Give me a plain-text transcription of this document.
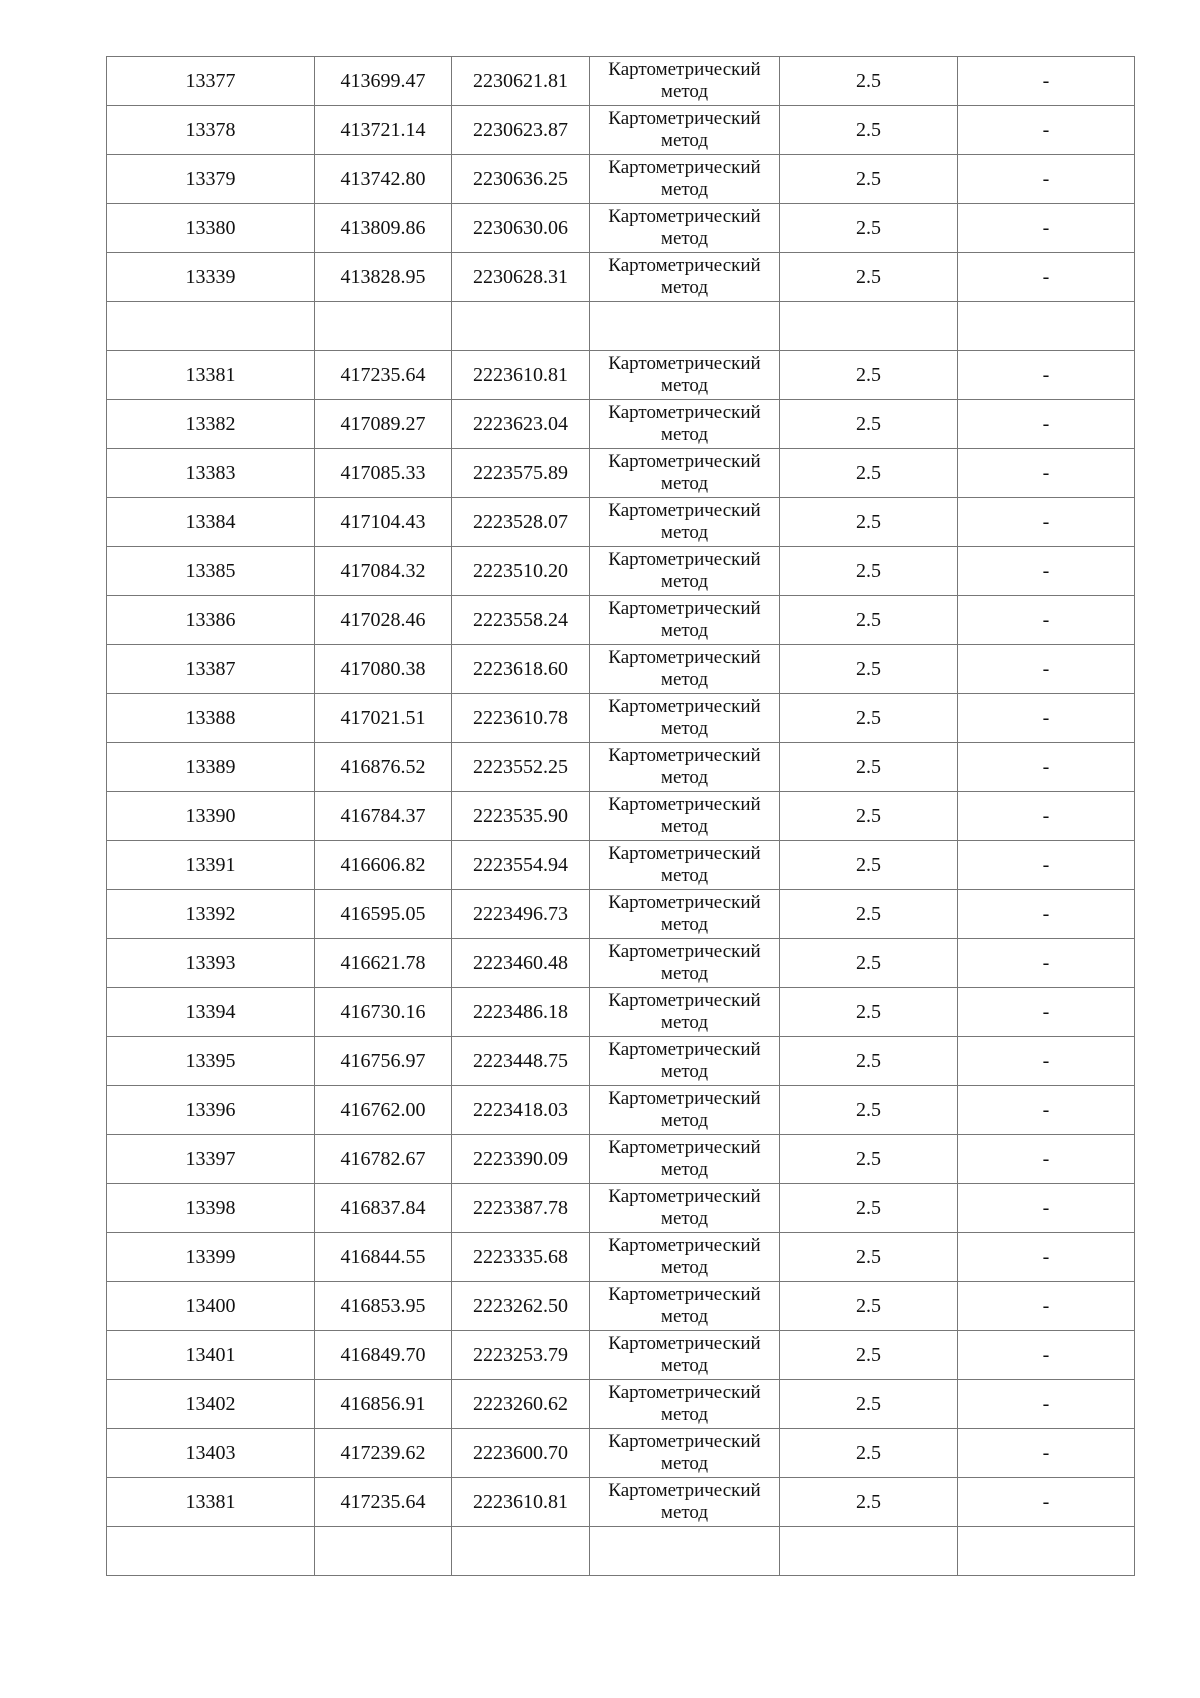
13377	413699.47	2230621.81	Картометрический
метод	2.5	-
13378	413721.14	2230623.87	Картометрический
метод	2.5	-
13379	413742.80	2230636.25	Картометрический
метод	2.5	-
13380	413809.86	2230630.06	Картометрический
метод	2.5	-
13339	413828.95	2230628.31	Картометрический
метод	2.5	-

13381	417235.64	2223610.81	Картометрический
метод	2.5	-
13382	417089.27	2223623.04	Картометрический
метод	2.5	-
13383	417085.33	2223575.89	Картометрический
метод	2.5	-
13384	417104.43	2223528.07	Картометрический
метод	2.5	-
13385	417084.32	2223510.20	Картометрический
метод	2.5	-
13386	417028.46	2223558.24	Картометрический
метод	2.5	-
13387	417080.38	2223618.60	Картометрический
метод	2.5	-
13388	417021.51	2223610.78	Картометрический
метод	2.5	-
13389	416876.52	2223552.25	Картометрический
метод	2.5	-
13390	416784.37	2223535.90	Картометрический
метод	2.5	-
13391	416606.82	2223554.94	Картометрический
метод	2.5	-
13392	416595.05	2223496.73	Картометрический
метод	2.5	-
13393	416621.78	2223460.48	Картометрический
метод	2.5	-
13394	416730.16	2223486.18	Картометрический
метод	2.5	-
13395	416756.97	2223448.75	Картометрический
метод	2.5	-
13396	416762.00	2223418.03	Картометрический
метод	2.5	-
13397	416782.67	2223390.09	Картометрический
метод	2.5	-
13398	416837.84	2223387.78	Картометрический
метод	2.5	-
13399	416844.55	2223335.68	Картометрический
метод	2.5	-
13400	416853.95	2223262.50	Картометрический
метод	2.5	-
13401	416849.70	2223253.79	Картометрический
метод	2.5	-
13402	416856.91	2223260.62	Картометрический
метод	2.5	-
13403	417239.62	2223600.70	Картометрический
метод	2.5	-
13381	417235.64	2223610.81	Картометрический
метод	2.5	-
